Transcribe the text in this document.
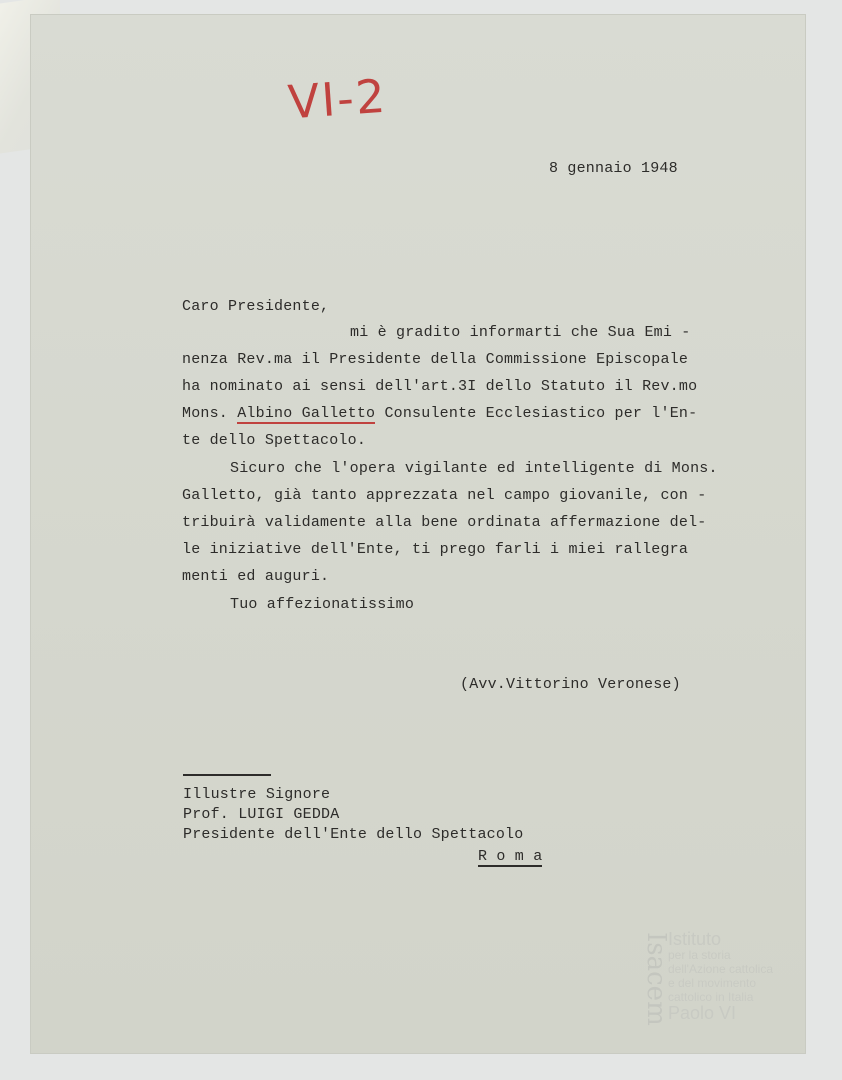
VI-2
8 gennaio 1948
Caro Presidente,
mi è gradito informarti che Sua Emi -
nenza Rev.ma il Presidente della Commissione Episcopale
ha nominato ai sensi dell'art.3I dello Statuto il Rev.mo
Mons. Albino Galletto Consulente Ecclesiastico per l'En-
te dello Spettacolo.
Sicuro che l'opera vigilante ed intelligente di Mons.
Galletto, già tanto apprezzata nel campo giovanile, con -
tribuirà validamente alla bene ordinata affermazione del-
le iniziative dell'Ente, ti prego farli i miei rallegra
menti ed auguri.
Tuo affezionatissimo
(Avv.Vittorino Veronese)
Illustre Signore
Prof. LUIGI GEDDA
Presidente dell'Ente dello Spettacolo
R o m a
Isacem
Istituto
per la storia
dell'Azione cattolica
e del movimento
cattolico in Italia
Paolo VI
